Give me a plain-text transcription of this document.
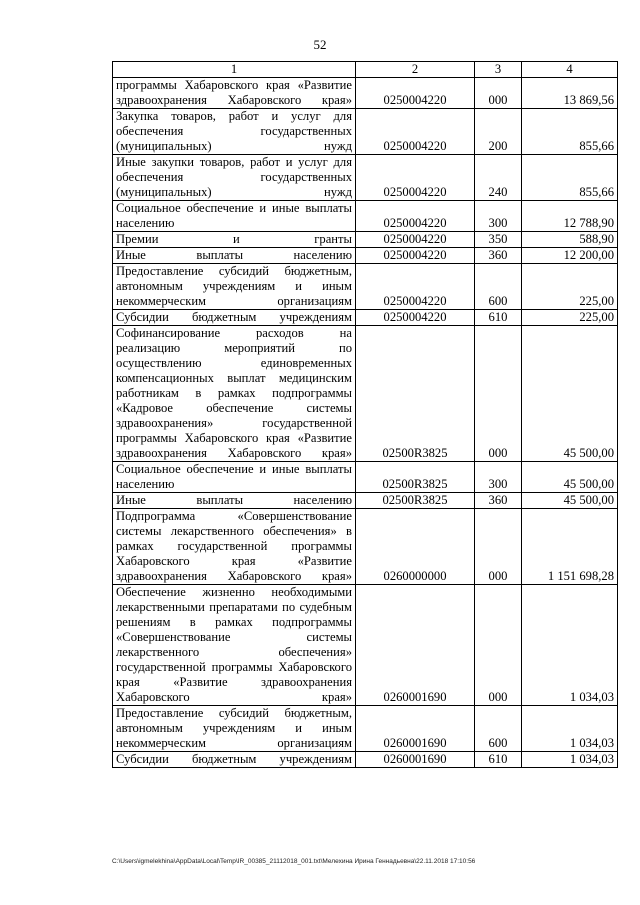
52
1	2	3	4
программы Хабаровского края «Развитие здравоохранения Хабаровского края»	0250004220	000	13 869,56
Закупка товаров, работ и услуг для обеспечения государственных (муниципальных) нужд	0250004220	200	855,66
Иные закупки товаров, работ и услуг для обеспечения государственных (муниципальных) нужд	0250004220	240	855,66
Социальное обеспечение и иные выплаты населению	0250004220	300	12 788,90
Премии и гранты	0250004220	350	588,90
Иные выплаты населению	0250004220	360	12 200,00
Предоставление субсидий бюджетным, автономным учреждениям и иным некоммерческим организациям	0250004220	600	225,00
Субсидии бюджетным учреждениям	0250004220	610	225,00
Софинансирование расходов на реализацию мероприятий по осуществлению единовременных компенсационных выплат медицинским работникам в рамках подпрограммы «Кадровое обеспечение системы здравоохранения» государственной программы Хабаровского края «Развитие здравоохранения Хабаровского края»	02500R3825	000	45 500,00
Социальное обеспечение и иные выплаты населению	02500R3825	300	45 500,00
Иные выплаты населению	02500R3825	360	45 500,00
Подпрограмма «Совершенствование системы лекарственного обеспечения» в рамках государственной программы Хабаровского края «Развитие здравоохранения Хабаровского края»	0260000000	000	1 151 698,28
Обеспечение жизненно необходимыми лекарственными препаратами по судебным решениям в рамках подпрограммы «Совершенствование системы лекарственного обеспечения» государственной программы Хабаровского края «Развитие здравоохранения Хабаровского края»	0260001690	000	1 034,03
Предоставление субсидий бюджетным, автономным учреждениям и иным некоммерческим организациям	0260001690	600	1 034,03
Субсидии бюджетным учреждениям	0260001690	610	1 034,03
C:\Users\igmelekhina\AppData\Local\Temp\IR_00385_21112018_001.txt\Мелехина Ирина Геннадьевна\22.11.2018 17:10:56
